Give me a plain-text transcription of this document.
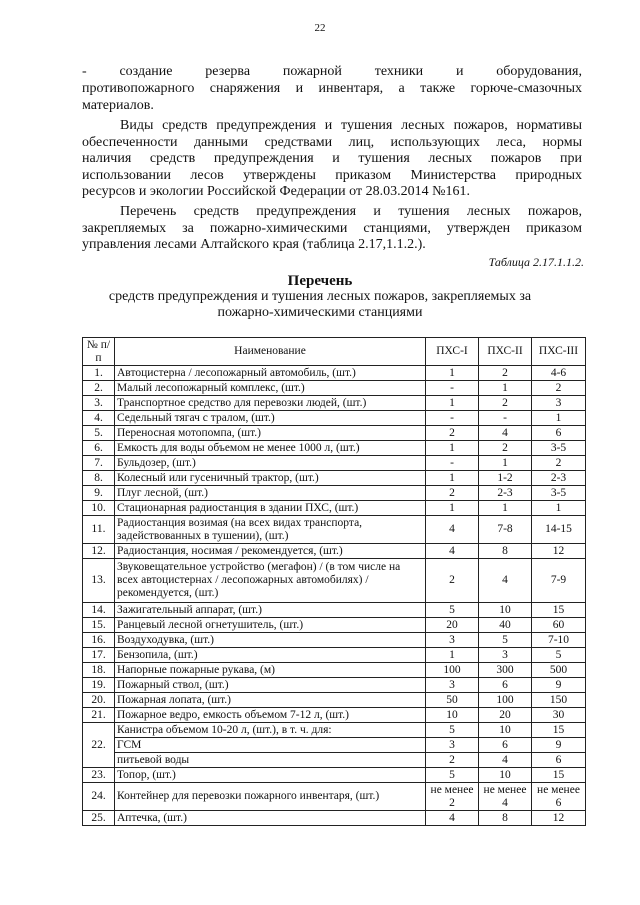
22
- создание резерва пожарной техники и оборудования,
противопожарного снаряжения и инвентаря, а также горюче-смазочных
материалов.
Виды средств предупреждения и тушения лесных пожаров, нормативы
обеспеченности данными средствами лиц, использующих леса, нормы
наличия средств предупреждения и тушения лесных пожаров при
использовании лесов утверждены приказом Министерства природных
ресурсов и экологии Российской Федерации от 28.03.2014 №161.
Перечень средств предупреждения и тушения лесных пожаров,
закрепляемых за пожарно-химическими станциями, утвержден приказом
управления лесами Алтайского края (таблица 2.17,1.1.2.).
Таблица 2.17.1.1.2.
Перечень
средств предупреждения и тушения лесных пожаров, закрепляемых за
пожарно-химическими станциями
№ п/п	Наименование	ПХС-I	ПХС-II	ПХС-III
1.	Автоцистерна / лесопожарный автомобиль, (шт.)	1	2	4-6
2.	Малый лесопожарный комплекс, (шт.)	-	1	2
3.	Транспортное средство для перевозки людей, (шт.)	1	2	3
4.	Седельный тягач с тралом, (шт.)	-	-	1
5.	Переносная мотопомпа, (шт.)	2	4	6
6.	Емкость для воды объемом не менее 1000 л, (шт.)	1	2	3-5
7.	Бульдозер, (шт.)	-	1	2
8.	Колесный или гусеничный трактор, (шт.)	1	1-2	2-3
9.	Плуг лесной, (шт.)	2	2-3	3-5
10.	Стационарная радиостанция в здании ПХС, (шт.)	1	1	1
11.	Радиостанция возимая (на всех видах транспорта, задействованных в тушении), (шт.)	4	7-8	14-15
12.	Радиостанция, носимая / рекомендуется, (шт.)	4	8	12
13.	Звуковещательное устройство (мегафон) / (в том числе на всех автоцистернах / лесопожарных автомобилях) / рекомендуется, (шт.)	2	4	7-9
14.	Зажигательный аппарат, (шт.)	5	10	15
15.	Ранцевый лесной огнетушитель, (шт.)	20	40	60
16.	Воздуходувка, (шт.)	3	5	7-10
17.	Бензопила, (шт.)	1	3	5
18.	Напорные пожарные рукава, (м)	100	300	500
19.	Пожарный ствол, (шт.)	3	6	9
20.	Пожарная лопата, (шт.)	50	100	150
21.	Пожарное ведро, емкость объемом 7-12 л, (шт.)	10	20	30
22.	Канистра объемом 10-20 л, (шт.), в т. ч. для:	5	10	15
	ГСМ	3	6	9
	питьевой воды	2	4	6
23.	Топор, (шт.)	5	10	15
24.	Контейнер для перевозки пожарного инвентаря, (шт.)	не менее 2	не менее 4	не менее 6
25.	Аптечка, (шт.)	4	8	12
